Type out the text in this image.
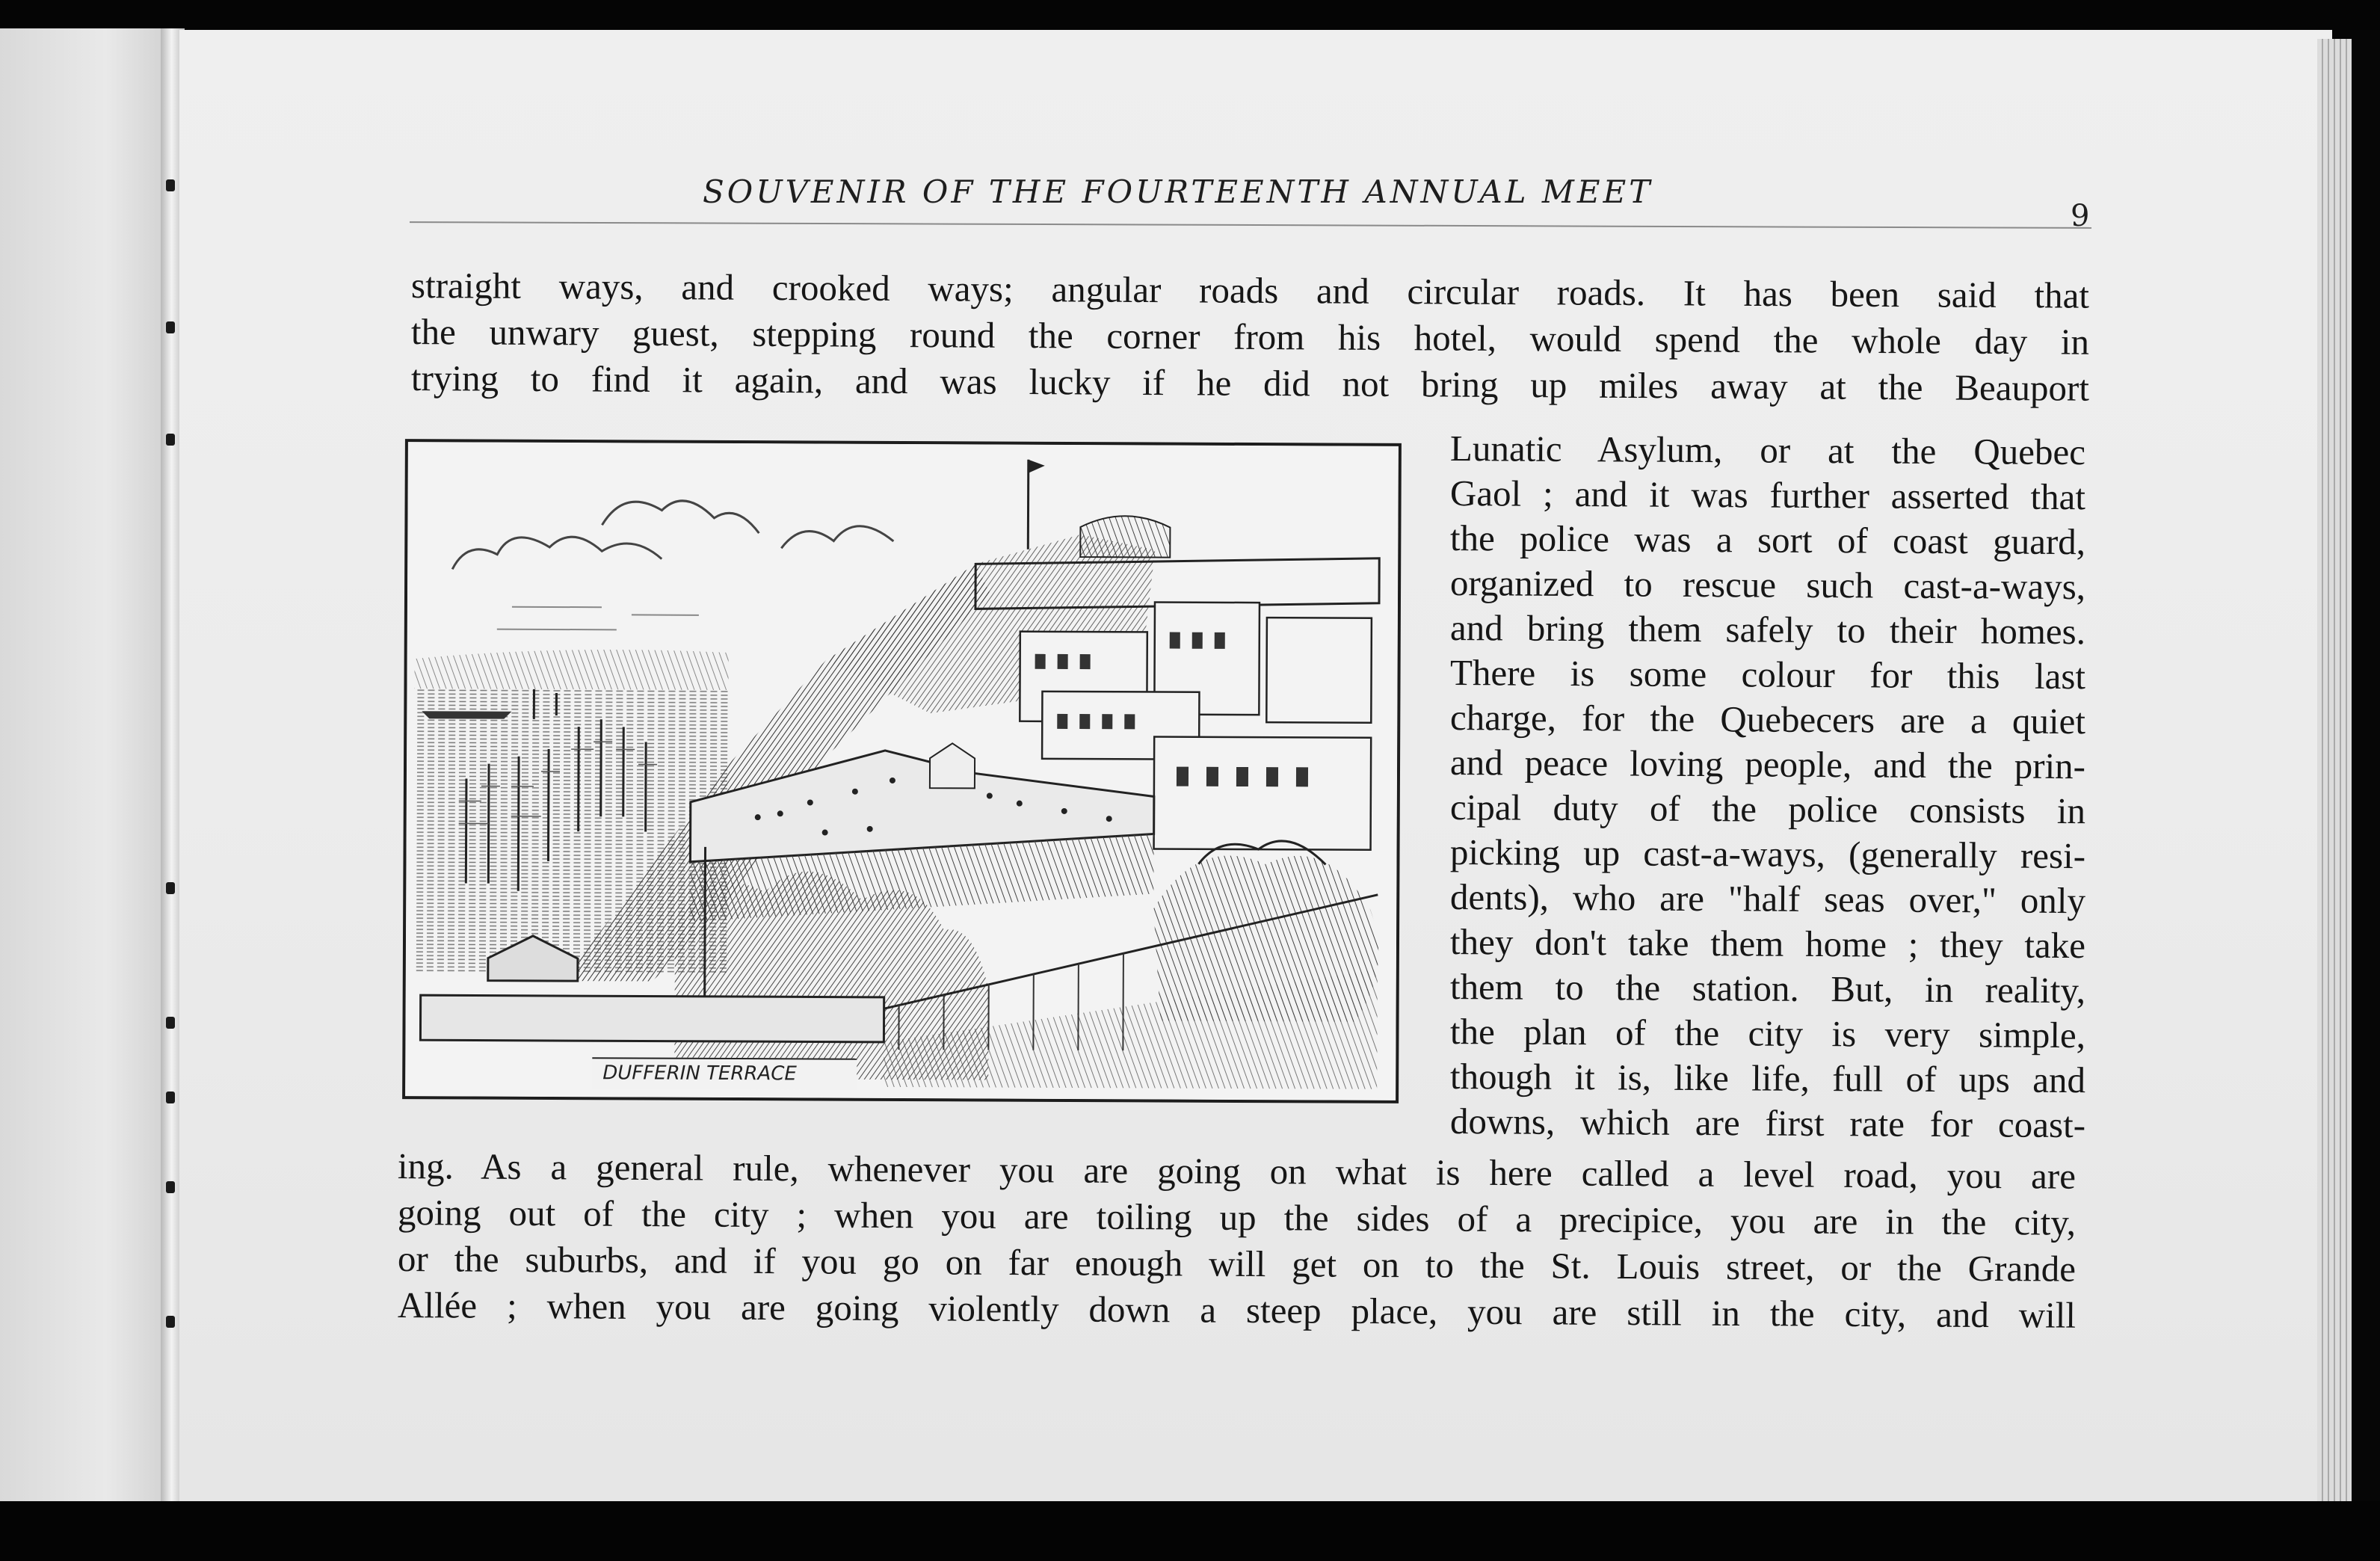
SOUVENIR OF THE FOURTEENTH ANNUAL MEET
9
straight ways, and crooked ways; angular roads and circular roads. It has been said that
the unwary guest, stepping round the corner from his hotel, would spend the whole day in
trying to find it again, and was lucky if he did not bring up miles away at the Beauport
DUFFERIN TERRACE
Lunatic Asylum, or at the Quebec
Gaol ; and it was further asserted that
the police was a sort of coast guard,
organized to rescue such cast-a-ways,
and bring them safely to their homes.
There is some colour for this last
charge, for the Quebecers are a quiet
and peace loving people, and the prin-
cipal duty of the police consists in
picking up cast-a-ways, (generally resi-
dents), who are "half seas over," only
they don't take them home ; they take
them to the station. But, in reality,
the plan of the city is very simple,
though it is, like life, full of ups and
downs, which are first rate for coast-
ing. As a general rule, whenever you are going on what is here called a level road, you are
going out of the city ; when you are toiling up the sides of a precipice, you are in the city,
or the suburbs, and if you go on far enough will get on to the St. Louis street, or the Grande
Allée ; when you are going violently down a steep place, you are still in the city, and will
